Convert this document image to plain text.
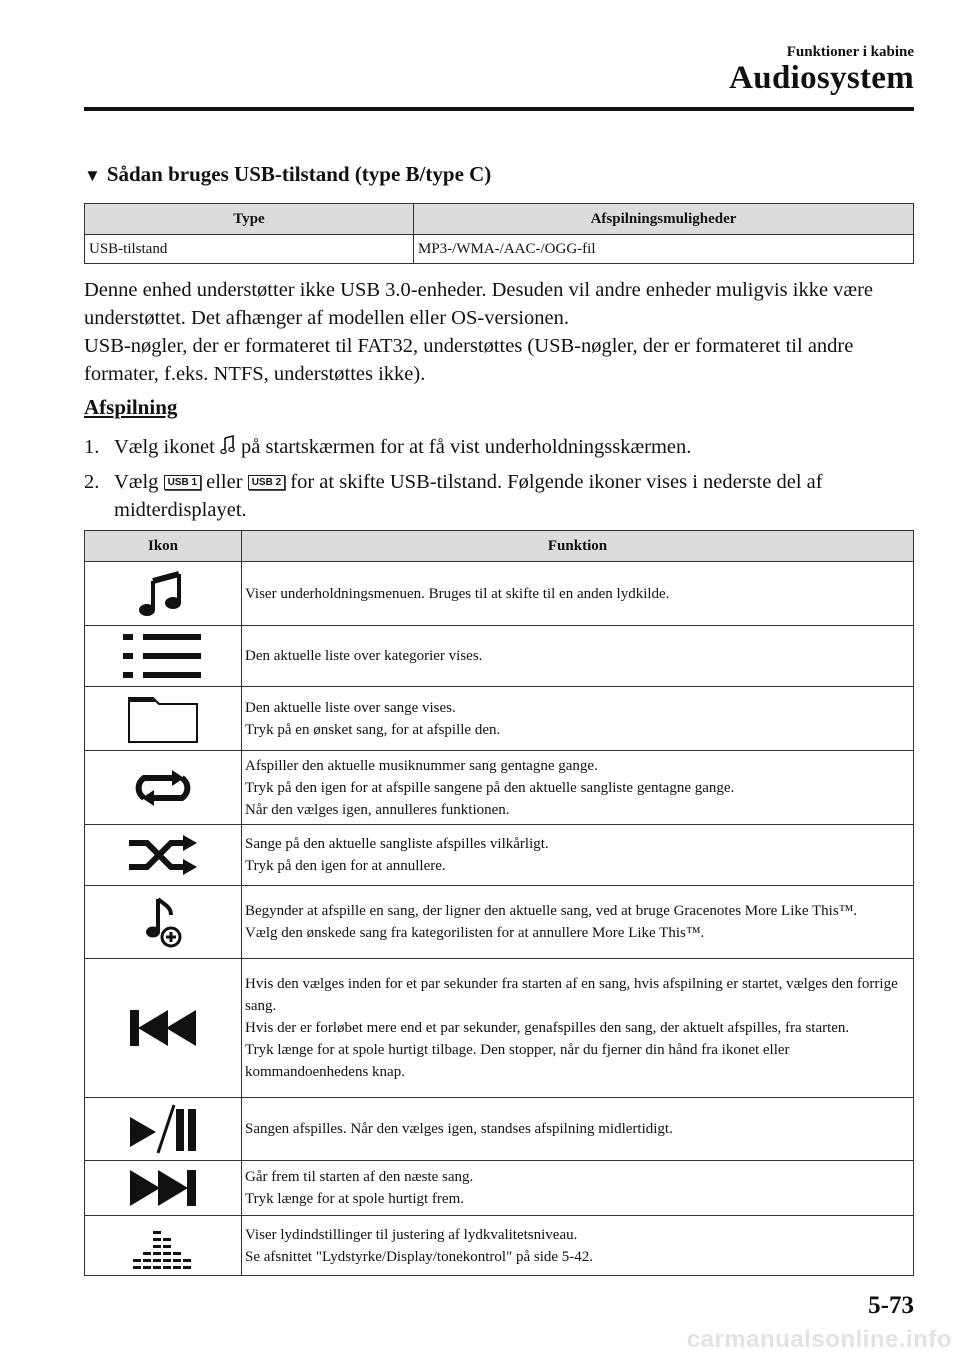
Funktioner i kabine
Audiosystem
▼ Sådan bruges USB-tilstand (type B/type C)
Type	Afspilningsmuligheder
USB-tilstand	MP3-/WMA-/AAC-/OGG-fil

Denne enhed understøtter ikke USB 3.0-enheder. Desuden vil andre enheder muligvis ikke være understøttet. Det afhænger af modellen eller OS-versionen.

USB-nøgler, der er formateret til FAT32, understøttes (USB-nøgler, der er formateret til andre formater, f.eks. NTFS, understøttes ikke).

Afspilning
1. Vælg ikonet på startskærmen for at få vist underholdningsskærmen.
2. Vælg USB 1 eller USB 2 for at skifte USB-tilstand. Følgende ikoner vises i nederste del af midterdisplayet.
Ikon	Funktion

Viser underholdningsmenuen. Bruges til at skifte til en anden lydkilde.

Den aktuelle liste over kategorier vises.

Den aktuelle liste over sange vises.
Tryk på en ønsket sang, for at afspille den.

Afspiller den aktuelle musiknummer sang gentagne gange.
Tryk på den igen for at afspille sangene på den aktuelle sangliste gentagne gange.
Når den vælges igen, annulleres funktionen.

Sange på den aktuelle sangliste afspilles vilkårligt.
Tryk på den igen for at annullere.

Begynder at afspille en sang, der ligner den aktuelle sang, ved at bruge Gracenotes More Like This™.
Vælg den ønskede sang fra kategorilisten for at annullere More Like This™.

Hvis den vælges inden for et par sekunder fra starten af en sang, hvis afspilning er startet, vælges den forrige sang.
Hvis der er forløbet mere end et par sekunder, genafspilles den sang, der aktuelt afspilles, fra starten.
Tryk længe for at spole hurtigt tilbage. Den stopper, når du fjerner din hånd fra ikonet eller kommandoenhedens knap.

Sangen afspilles. Når den vælges igen, standses afspilning midlertidigt.

Går frem til starten af den næste sang.
Tryk længe for at spole hurtigt frem.

Viser lydindstillinger til justering af lydkvalitetsniveau.
Se afsnittet "Lydstyrke/Display/tonekontrol" på side 5-42.
5-73
carmanualsonline.info
